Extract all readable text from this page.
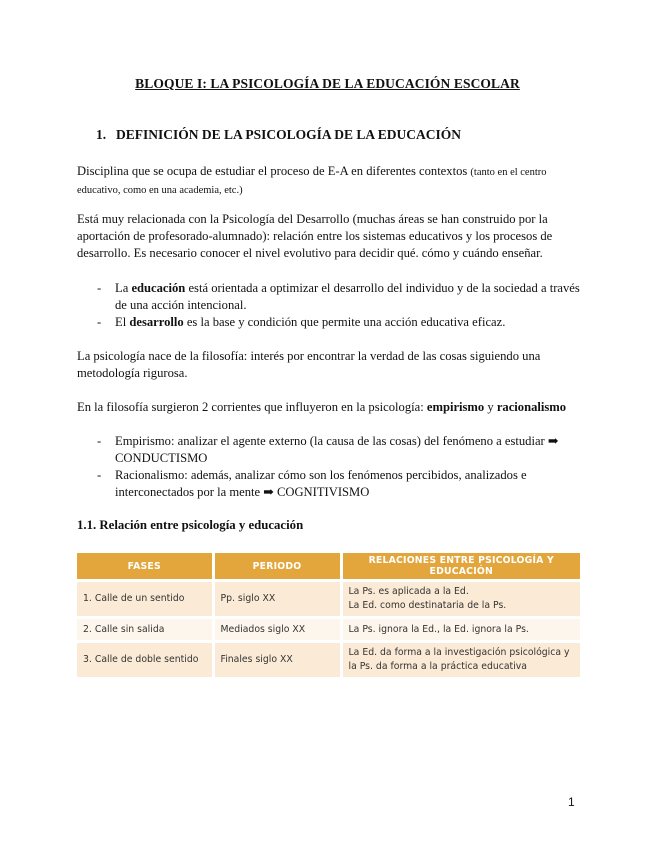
BLOQUE I: LA PSICOLOGÍA DE LA EDUCACIÓN ESCOLAR
1. DEFINICIÓN DE LA PSICOLOGÍA DE LA EDUCACIÓN
Disciplina que se ocupa de estudiar el proceso de E-A en diferentes contextos (tanto en el centro educativo, como en una academia, etc.)
Está muy relacionada con la Psicología del Desarrollo (muchas áreas se han construido por la aportación de profesorado-alumnado): relación entre los sistemas educativos y los procesos de desarrollo. Es necesario conocer el nivel evolutivo para decidir qué. cómo y cuándo enseñar.
- La educación está orientada a optimizar el desarrollo del individuo y de la sociedad a través de una acción intencional.
- El desarrollo es la base y condición que permite una acción educativa eficaz.
La psicología nace de la filosofía: interés por encontrar la verdad de las cosas siguiendo una metodología rigurosa.
En la filosofía surgieron 2 corrientes que influyeron en la psicología: empirismo y racionalismo
- Empirismo: analizar el agente externo (la causa de las cosas) del fenómeno a estudiar ➡ CONDUCTISMO
- Racionalismo: además, analizar cómo son los fenómenos percibidos, analizados e interconectados por la mente ➡ COGNITIVISMO
1.1. Relación entre psicología y educación
FASES	PERIODO	RELACIONES ENTRE PSICOLOGÍA Y EDUCACIÓN
1. Calle de un sentido	Pp. siglo XX	La Ps. es aplicada a la Ed.
La Ed. como destinataria de la Ps.

2. Calle sin salida	Mediados siglo XX	La Ps. ignora la Ed., la Ed. ignora la Ps.

3. Calle de doble sentido	Finales siglo XX	La Ed. da forma a la investigación psicológica y la Ps. da forma a la práctica educativa
1
